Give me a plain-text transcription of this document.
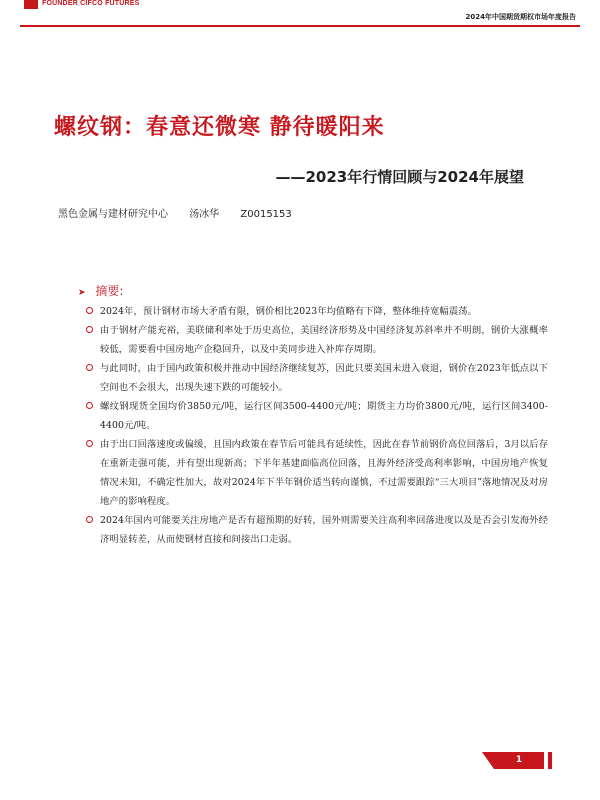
FOUNDER CIFCO FUTURES
2024年中国期货期权市场年度报告
螺纹钢：春意还微寒 静待暖阳来
——2023年行情回顾与2024年展望
黑色金属与建材研究中心 汤冰华 Z0015153
➤ 摘要:
2024年，预计钢材市场大矛盾有限，钢价相比2023年均值略有下降，整体维持宽幅震荡。
由于钢材产能充裕，美联储利率处于历史高位，美国经济形势及中国经济复苏斜率并不明朗，钢价大涨概率较低，需要看中国房地产企稳回升，以及中美同步进入补库存周期。
与此同时，由于国内政策积极并推动中国经济继续复苏，因此只要美国未进入衰退，钢价在2023年低点以下空间也不会很大，出现失速下跌的可能较小。
螺纹钢现货全国均价3850元/吨，运行区间3500-4400元/吨；期货主力均价3800元/吨，运行区间3400-4400元/吨。
由于出口回落速度或偏缓，且国内政策在春节后可能具有延续性，因此在春节前钢价高位回落后，3月以后存在重新走强可能，并有望出现新高；下半年基建面临高位回落，且海外经济受高利率影响，中国房地产恢复情况未知，不确定性加大，故对2024年下半年钢价适当转向谨慎，不过需要跟踪“三大项目”落地情况及对房地产的影响程度。
2024年国内可能要关注房地产是否有超预期的好转，国外则需要关注高利率回落进度以及是否会引发海外经济明显转差，从而使钢材直接和间接出口走弱。
1
